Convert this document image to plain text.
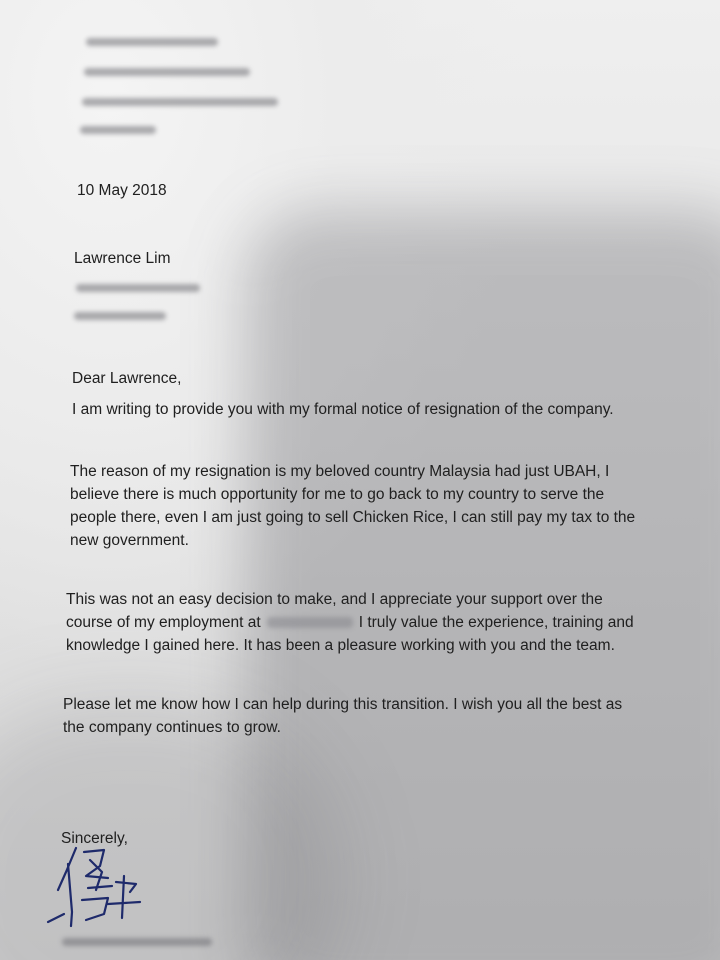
10 May 2018
Lawrence Lim
Dear Lawrence,
I am writing to provide you with my formal notice of resignation of the company.
The reason of my resignation is my beloved country Malaysia had just UBAH, I
believe there is much opportunity for me to go back to my country to serve the
people there, even I am just going to sell Chicken Rice, I can still pay my tax to the
new government.
This was not an easy decision to make, and I appreciate your support over the
course of my employment at	I truly value the experience, training and
knowledge I gained here. It has been a pleasure working with you and the team.
Please let me know how I can help during this transition. I wish you all the best as
the company continues to grow.
Sincerely,
